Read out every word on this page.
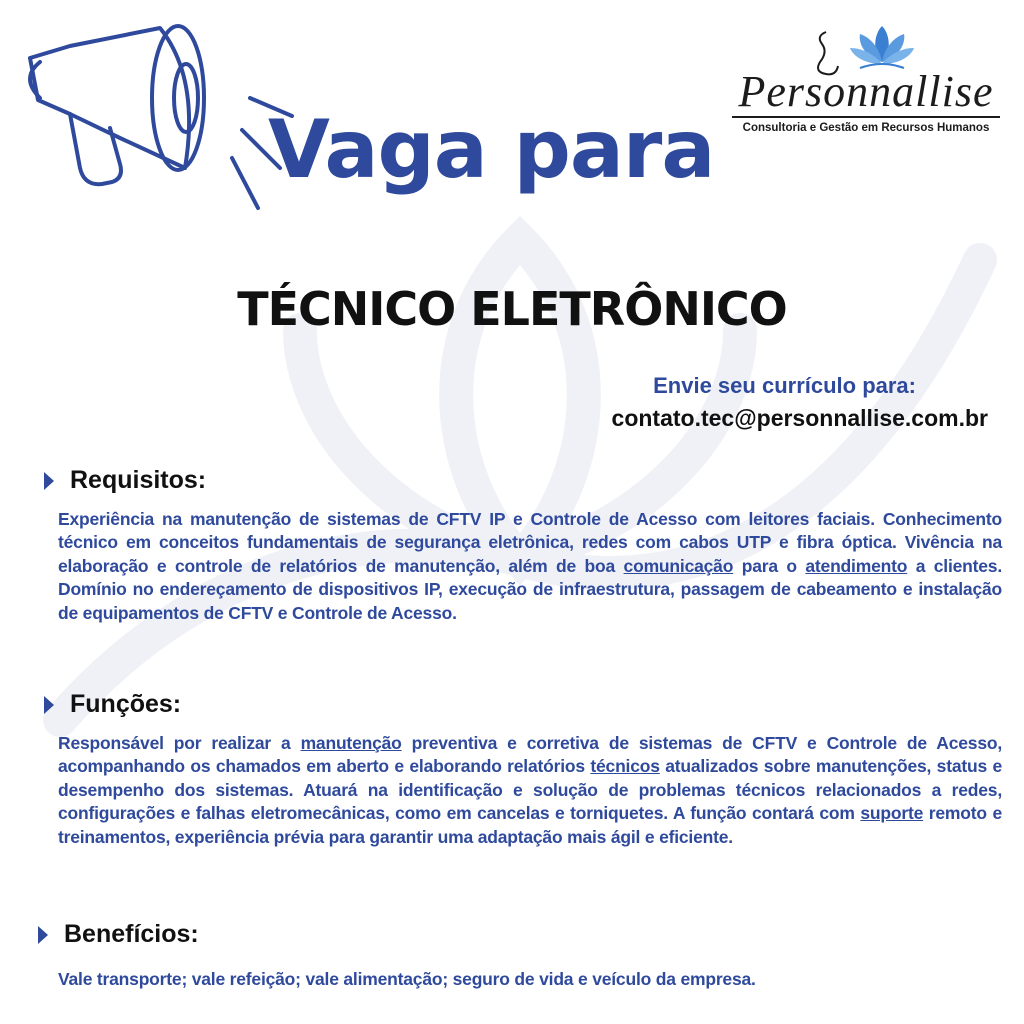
Vaga para
Personnallise
Consultoria e Gestão em Recursos Humanos
TÉCNICO ELETRÔNICO
Envie seu currículo para:
contato.tec@personnallise.com.br
Requisitos:
Experiência na manutenção de sistemas de CFTV IP e Controle de Acesso com leitores faciais. Conhecimento técnico em conceitos fundamentais de segurança eletrônica, redes com cabos UTP e fibra óptica. Vivência na elaboração e controle de relatórios de manutenção, além de boa comunicação para o atendimento a clientes. Domínio no endereçamento de dispositivos IP, execução de infraestrutura, passagem de cabeamento e instalação de equipamentos de CFTV e Controle de Acesso.
Funções:
Responsável por realizar a manutenção preventiva e corretiva de sistemas de CFTV e Controle de Acesso, acompanhando os chamados em aberto e elaborando relatórios técnicos atualizados sobre manutenções, status e desempenho dos sistemas. Atuará na identificação e solução de problemas técnicos relacionados a redes, configurações e falhas eletromecânicas, como em cancelas e torniquetes. A função contará com suporte remoto e treinamentos, experiência prévia para garantir uma adaptação mais ágil e eficiente.
Benefícios:
Vale transporte; vale refeição; vale alimentação; seguro de vida e veículo da empresa.
